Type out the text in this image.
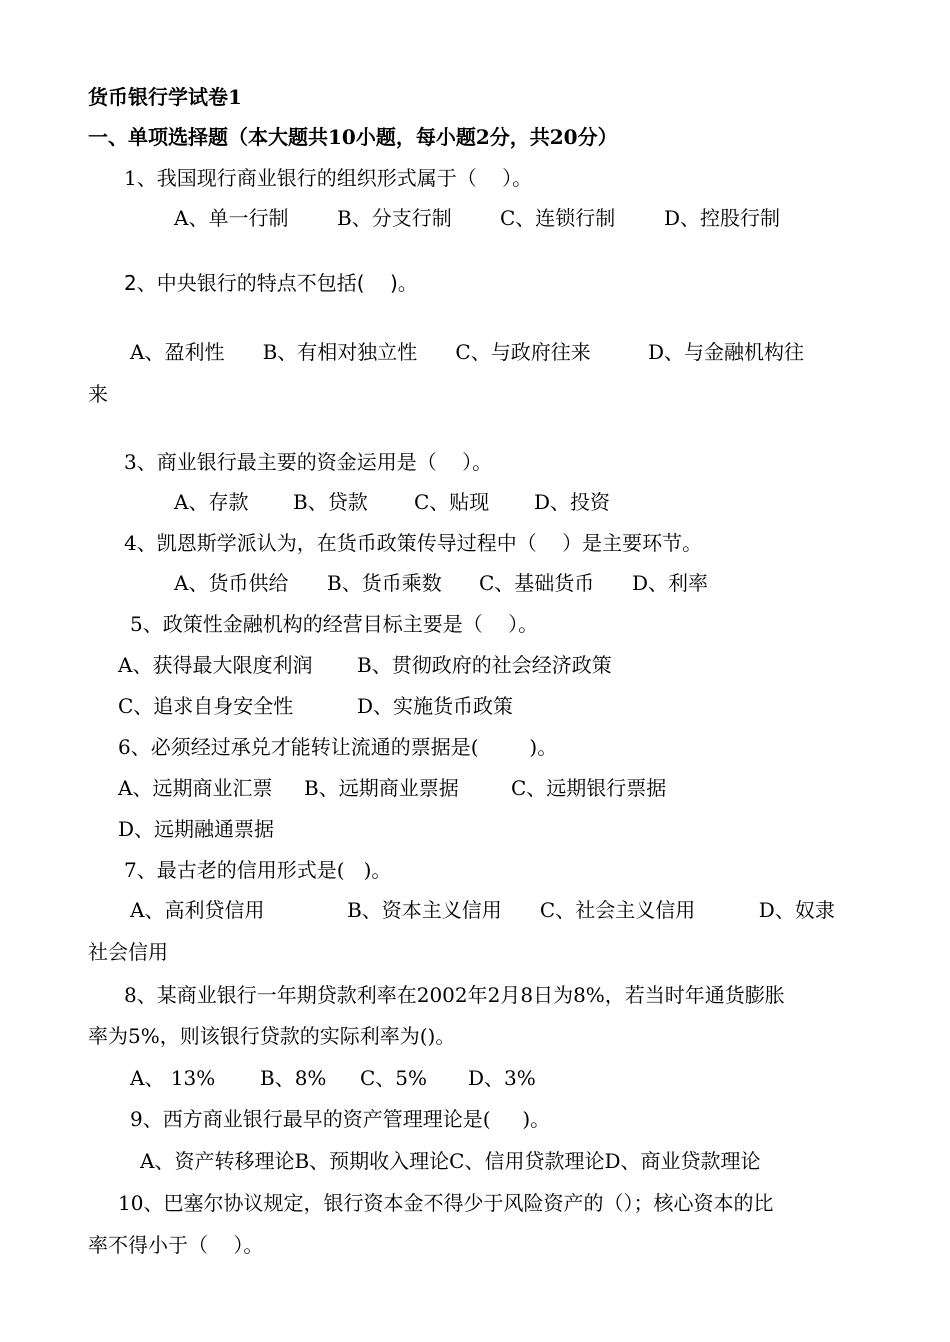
货币银行学试卷1
一、单项选择题（本大题共10小题，每小题2分，共20分）
1、我国现行商业银行的组织形式属于（    ）。
A、单一行制 B、分支行制 C、连锁行制 D、控股行制
2、中央银行的特点不包括(    )。
A、盈利性      B、有相对独立性      C、与政府往来         D、与金融机构往
来
3、商业银行最主要的资金运用是（    ）。
A、存款 B、贷款 C、贴现 D、投资
4、凯恩斯学派认为，在货币政策传导过程中（    ）是主要环节。
A、货币供给 B、货币乘数 C、基础货币 D、利率
5、政策性金融机构的经营目标主要是（    ）。
A、获得最大限度利润 B、贯彻政府的社会经济政策
C、追求自身安全性	D、实施货币政策
6、必须经过承兑才能转让流通的票据是(        )。
A、远期商业汇票 B、远期商业票据	C、远期银行票据
D、远期融通票据
7、最古老的信用形式是(   )。
A、高利贷信用             B、资本主义信用      C、社会主义信用          D、奴隶
社会信用
8、某商业银行一年期贷款利率在2002年2月8日为8%，若当时年通货膨胀
率为5%，则该银行贷款的实际利率为()。
A、 13% B、8% C、5% D、3%
9、西方商业银行最早的资产管理理论是(     )。
A、资产转移理论B、预期收入理论C、信用贷款理论D、商业贷款理论
10、巴塞尔协议规定，银行资本金不得少于风险资产的（）；核心资本的比
率不得小于（    ）。
